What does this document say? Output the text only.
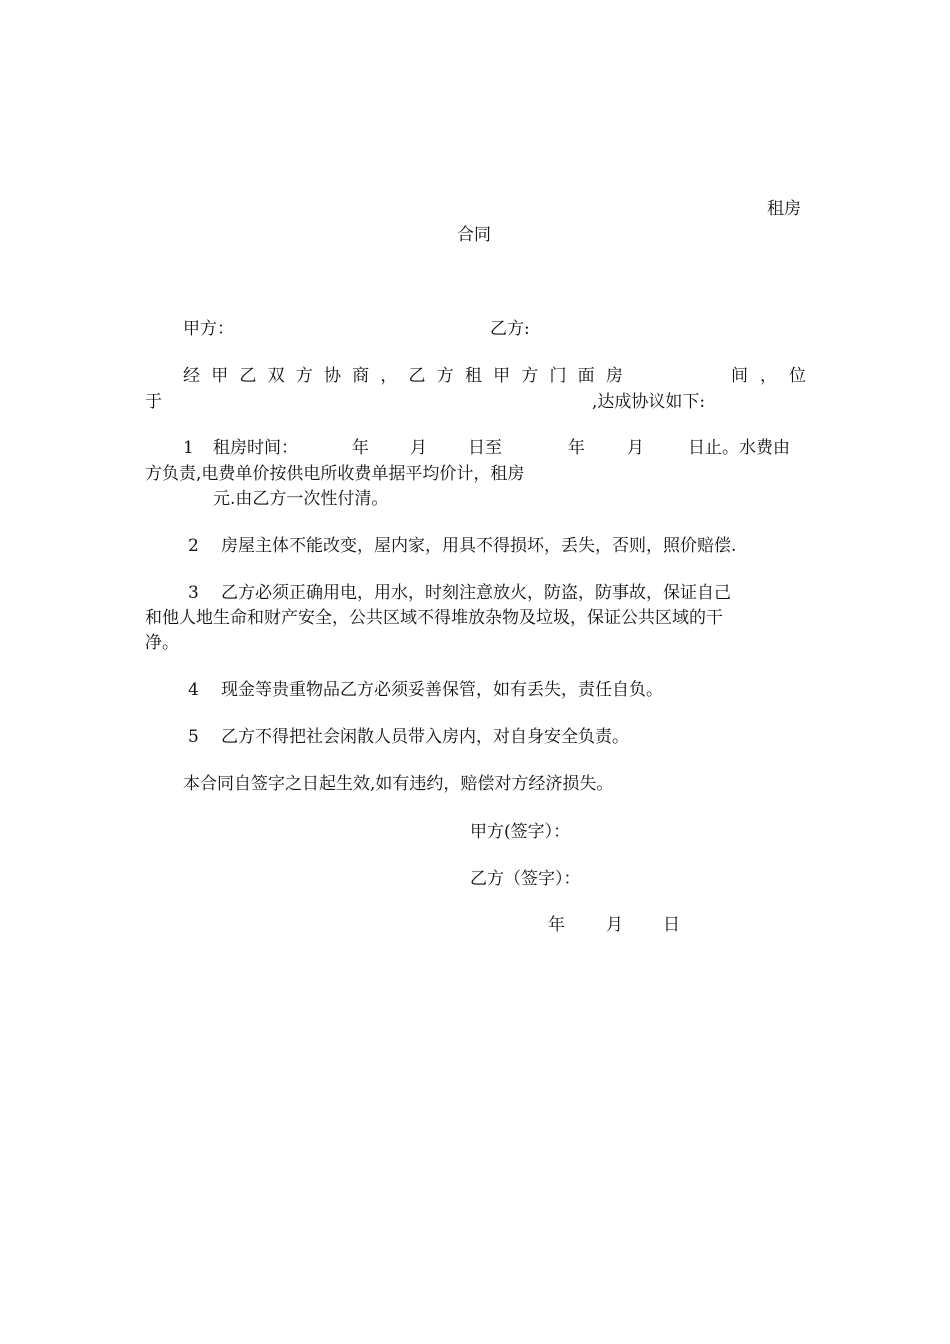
租房
合同
甲方：	乙方:
经 甲 乙 双 方 协 商 ， 乙 方 租 甲 方 门 面 房	间 ， 位
于	,达成协议如下:
1 租房时间：	年 月 日至	年 月	日止。水费由
方负责,电费单价按供电所收费单据平均价计，租房
元.由乙方一次性付清。
2 房屋主体不能改变，屋内家，用具不得损坏，丢失，否则，照价赔偿.
3 乙方必须正确用电，用水，时刻注意放火，防盗，防事故，保证自己
和他人地生命和财产安全，公共区域不得堆放杂物及垃圾，保证公共区域的干
净。
4 现金等贵重物品乙方必须妥善保管，如有丢失，责任自负。
5 乙方不得把社会闲散人员带入房内，对自身安全负责。
本合同自签字之日起生效,如有违约，赔偿对方经济损失。
甲方(签字）：
乙方（签字）：
年 月 日
